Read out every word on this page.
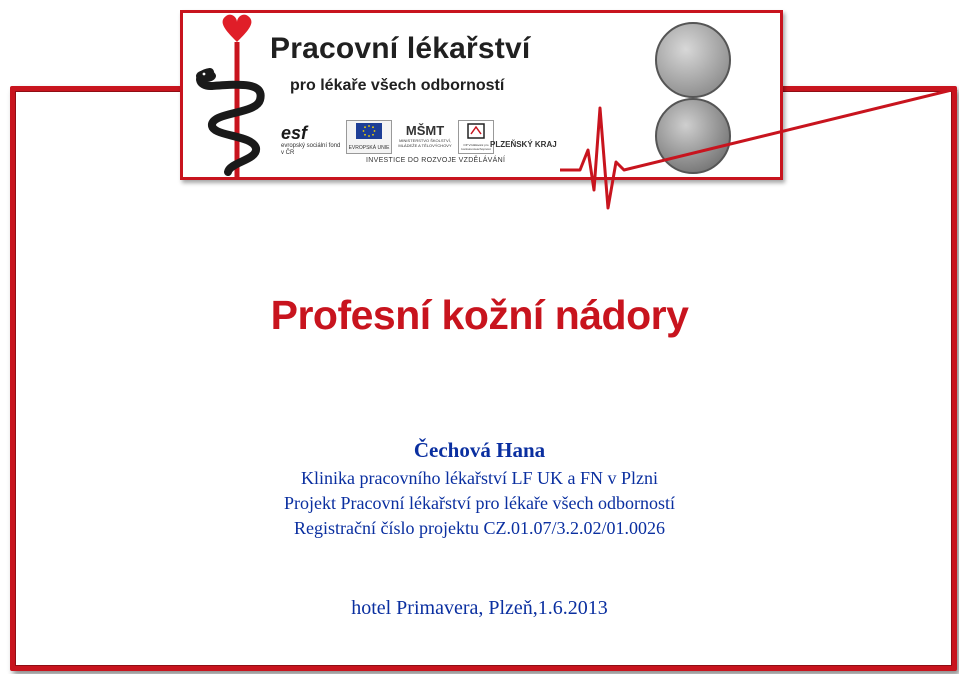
Pracovní lékařství
pro lékaře všech odborností
esf
evropský sociální fond v ČR
EVROPSKÁ UNIE
MŠMT
MINISTERSTVO ŠKOLSTVÍ, MLÁDEŽE A TĚLOVÝCHOVY	OP Vzdělávání pro konkurenceschopnost PLZEŇSKÝ KRAJ
INVESTICE DO ROZVOJE VZDĚLÁVÁNÍ
Profesní kožní nádory
Čechová Hana
Klinika pracovního lékařství LF UK a FN v Plzni
Projekt Pracovní lékařství pro lékaře všech odborností
Registrační číslo projektu CZ.01.07/3.2.02/01.0026
hotel Primavera, Plzeň,1.6.2013
